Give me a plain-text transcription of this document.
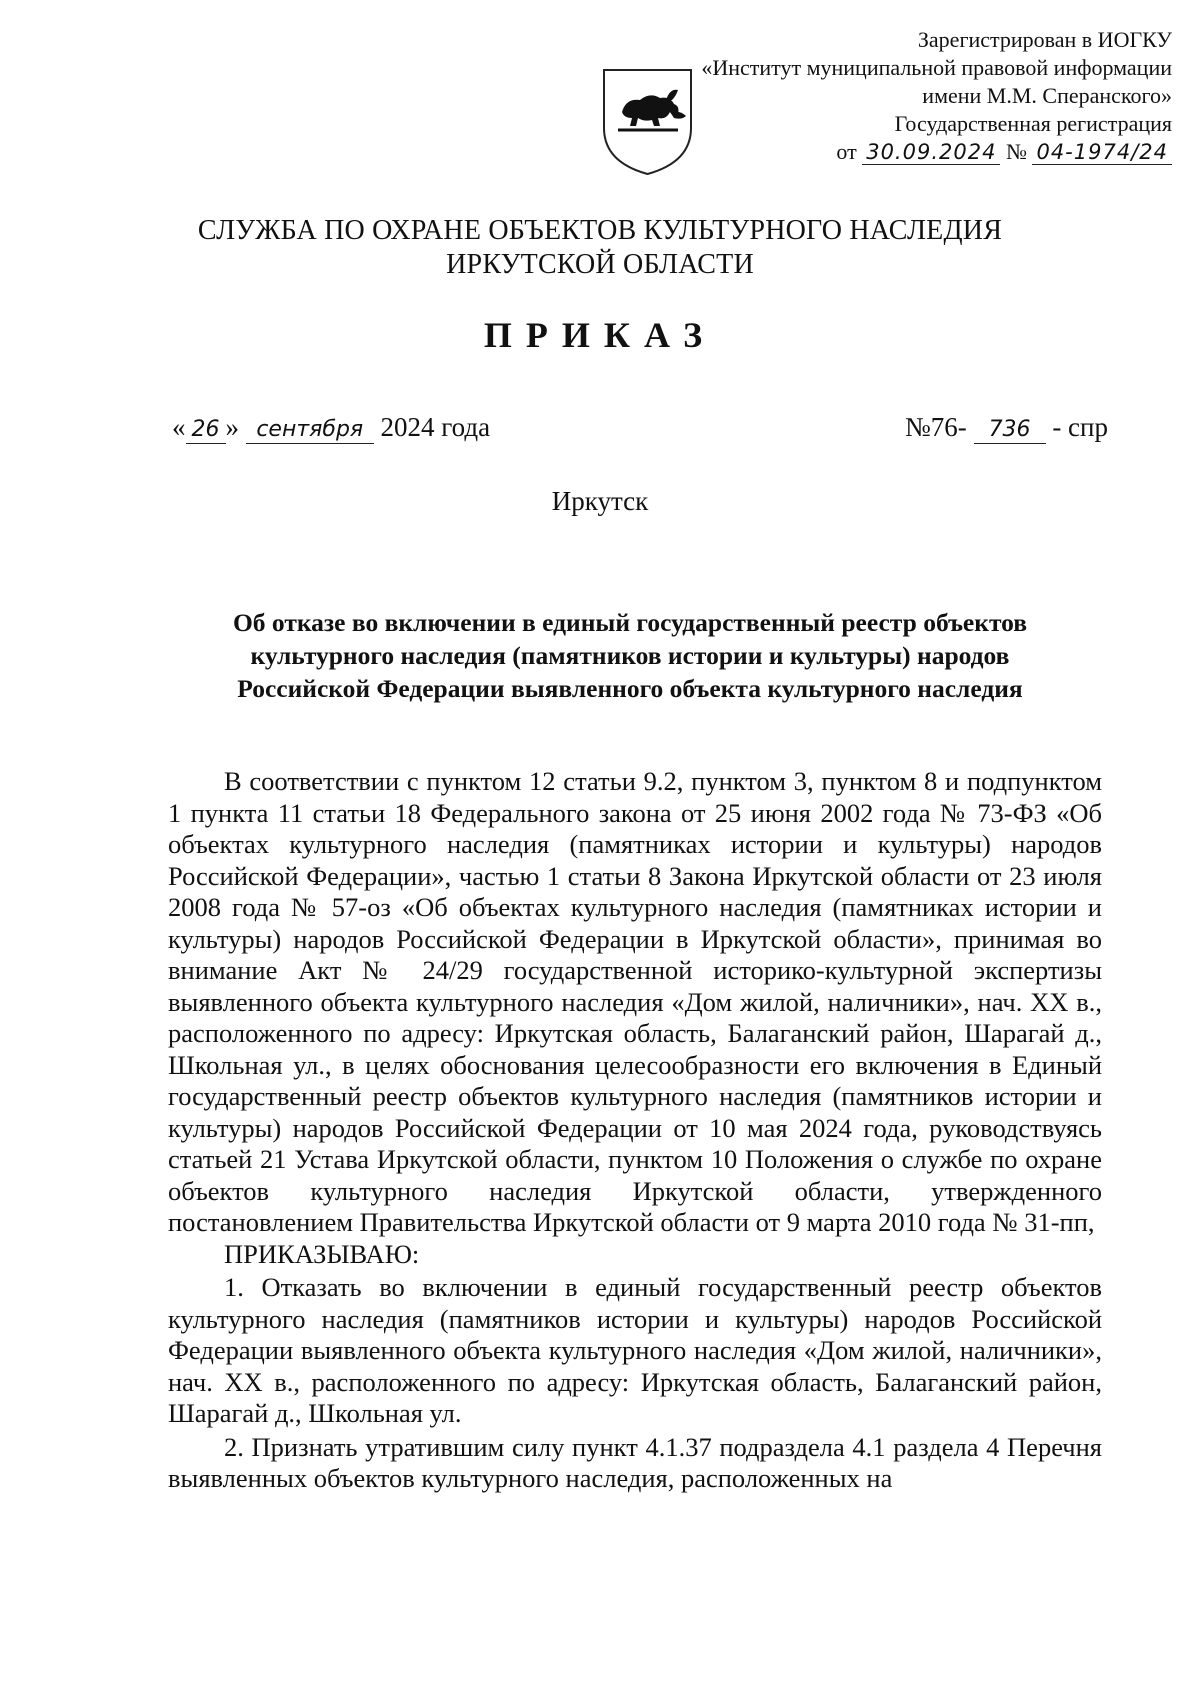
Зарегистрирован в ИОГКУ
«Институт муниципальной правовой информации
имени М.М. Сперанского»
Государственная регистрация
от 30.09.2024 № 04-1974/24
СЛУЖБА ПО ОХРАНЕ ОБЪЕКТОВ КУЛЬТУРНОГО НАСЛЕДИЯ
ИРКУТСКОЙ ОБЛАСТИ
ПРИКАЗ
« 26 » сентября 2024 года	№76- 736 - спр
Иркутск
Об отказе во включении в единый государственный реестр объектов
культурного наследия (памятников истории и культуры) народов
Российской Федерации выявленного объекта культурного наследия

В соответствии с пунктом 12 статьи 9.2, пунктом 3, пунктом 8 и подпунктом 1 пункта 11 статьи 18 Федерального закона от 25 июня 2002 года № 73-ФЗ «Об объектах культурного наследия (памятниках истории и культуры) народов Российской Федерации», частью 1 статьи 8 Закона Иркутской области от 23 июля 2008 года № 57-оз «Об объектах культурного наследия (памятниках истории и культуры) народов Российской Федерации в Иркутской области», принимая во внимание Акт № 24/29 государственной историко-культурной экспертизы выявленного объекта культурного наследия «Дом жилой, наличники», нач. XX в., расположенного по адресу: Иркутская область, Балаганский район, Шарагай д., Школьная ул., в целях обоснования целесообразности его включения в Единый государственный реестр объектов культурного наследия (памятников истории и культуры) народов Российской Федерации от 10 мая 2024 года, руководствуясь статьей 21 Устава Иркутской области, пунктом 10 Положения о службе по охране объектов культурного наследия Иркутской области, утвержденного постановлением Правительства Иркутской области от 9 марта 2010 года № 31-пп,

ПРИКАЗЫВАЮ:

1. Отказать во включении в единый государственный реестр объектов культурного наследия (памятников истории и культуры) народов Российской Федерации выявленного объекта культурного наследия «Дом жилой, наличники», нач. XX в., расположенного по адресу: Иркутская область, Балаганский район, Шарагай д., Школьная ул.

2. Признать утратившим силу пункт 4.1.37 подраздела 4.1 раздела 4 Перечня выявленных объектов культурного наследия, расположенных на
